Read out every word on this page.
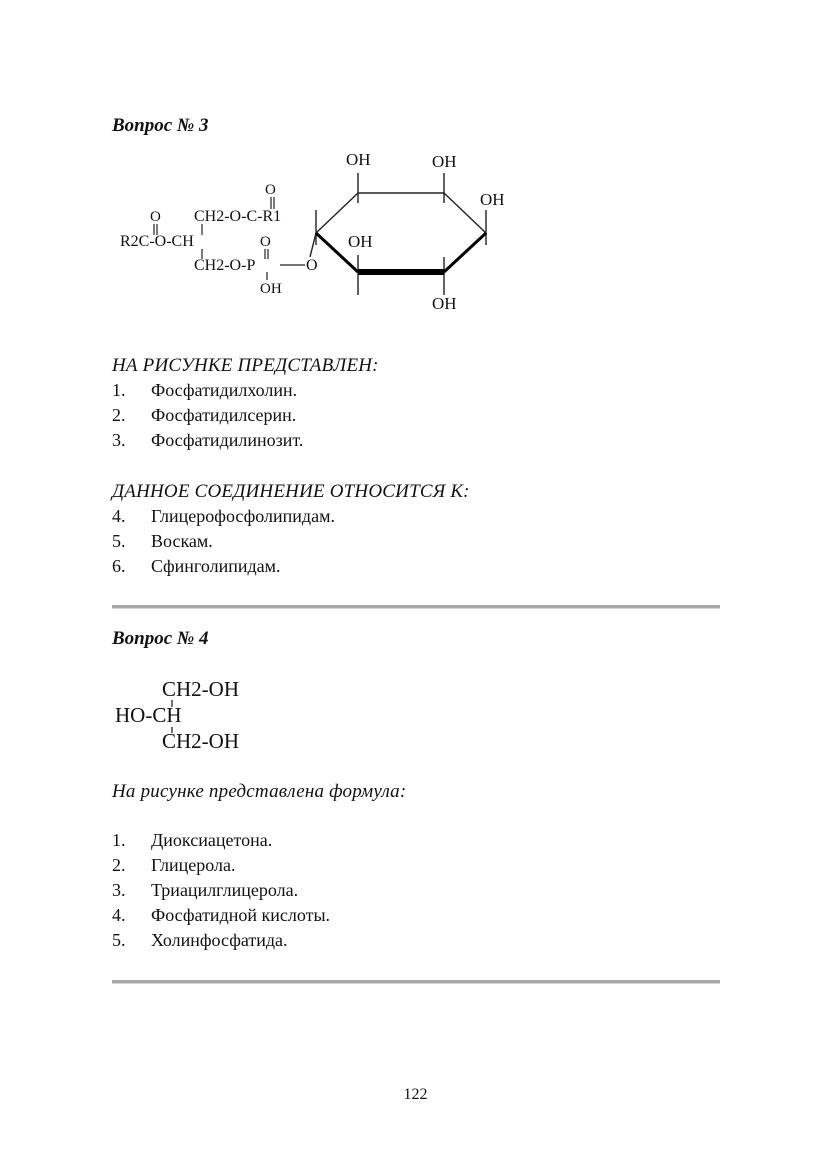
Вопрос № 3
OH	OH
OH
OH
OH
O
O
O
CH2-O-C-R1
R2C-O-CH
CH2-O-P
OH
O
НА РИСУНКЕ ПРЕДСТАВЛЕН:
1. Фосфатидилхолин.
2. Фосфатидилсерин.
3. Фосфатидилинозит.
ДАННОЕ СОЕДИНЕНИЕ ОТНОСИТСЯ К:
4. Глицерофосфолипидам.
5. Воскам.
6. Сфинголипидам.
Вопрос № 4
CH2-OH
HO-CH
CH2-OH
На рисунке представлена формула:
1. Диоксиацетона.
2. Глицерола.
3. Триацилглицерола.
4. Фосфатидной кислоты.
5. Холинфосфатида.
122
